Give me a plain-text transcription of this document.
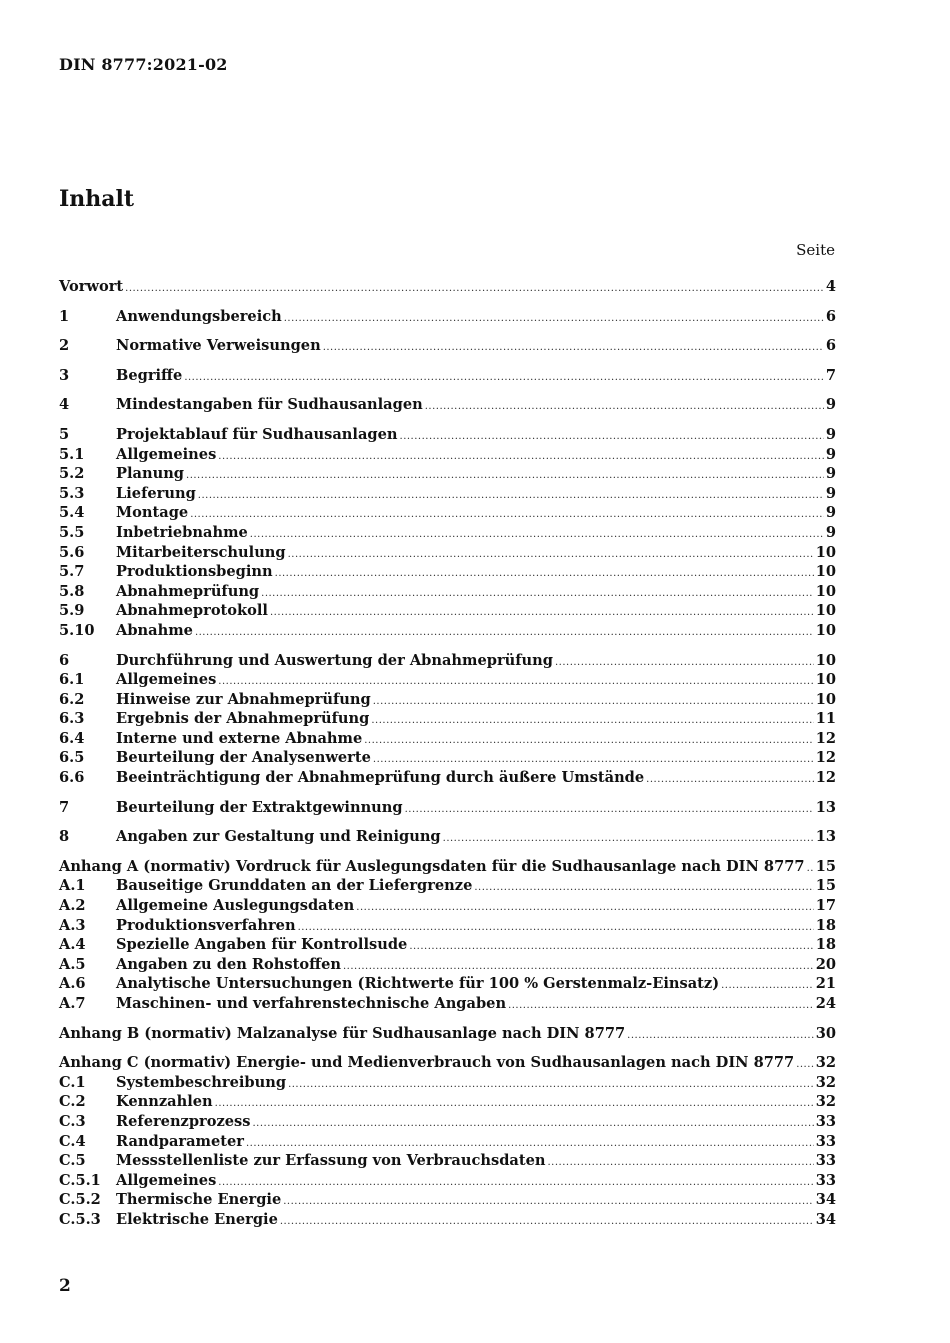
DIN 8777:2021-02
Inhalt
Seite
Vorwort .....	4
1	Anwendungsbereich .....	6
2	Normative Verweisungen .....	6
3	Begriffe .....	7
4	Mindestangaben für Sudhausanlagen .....	9
5	Projektablauf für Sudhausanlagen .....	9
5.1	Allgemeines .....	9
5.2	Planung .....	9
5.3	Lieferung .....	9
5.4	Montage .....	9
5.5	Inbetriebnahme .....	9
5.6	Mitarbeiterschulung .....	10
5.7	Produktionsbeginn .....	10
5.8	Abnahmeprüfung .....	10
5.9	Abnahmeprotokoll .....	10
5.10	Abnahme .....	10
6	Durchführung und Auswertung der Abnahmeprüfung .....	10
6.1	Allgemeines .....	10
6.2	Hinweise zur Abnahmeprüfung .....	10
6.3	Ergebnis der Abnahmeprüfung .....	11
6.4	Interne und externe Abnahme .....	12
6.5	Beurteilung der Analysenwerte .....	12
6.6	Beeinträchtigung der Abnahmeprüfung durch äußere Umstände .....	12
7	Beurteilung der Extraktgewinnung .....	13
8	Angaben zur Gestaltung und Reinigung .....	13
Anhang A (normativ) Vordruck für Auslegungsdaten für die Sudhausanlage nach DIN 8777 ..... 15
A.1	Bauseitige Grunddaten an der Liefergrenze .....	15
A.2	Allgemeine Auslegungsdaten .....	17
A.3	Produktionsverfahren .....	18
A.4	Spezielle Angaben für Kontrollsude .....	18
A.5	Angaben zu den Rohstoffen .....	20
A.6	Analytische Untersuchungen (Richtwerte für 100 % Gerstenmalz-Einsatz) .....	21
A.7	Maschinen- und verfahrenstechnische Angaben .....	24
Anhang B (normativ) Malzanalyse für Sudhausanlage nach DIN 8777 .....	30
Anhang C (normativ) Energie- und Medienverbrauch von Sudhausanlagen nach DIN 8777 ..... 32
C.1	Systembeschreibung .....	32
C.2	Kennzahlen .....	32
C.3	Referenzprozess .....	33
C.4	Randparameter .....	33
C.5	Messstellenliste zur Erfassung von Verbrauchsdaten .....	33
C.5.1	Allgemeines .....	33
C.5.2	Thermische Energie .....	34
C.5.3	Elektrische Energie .....	34
2
